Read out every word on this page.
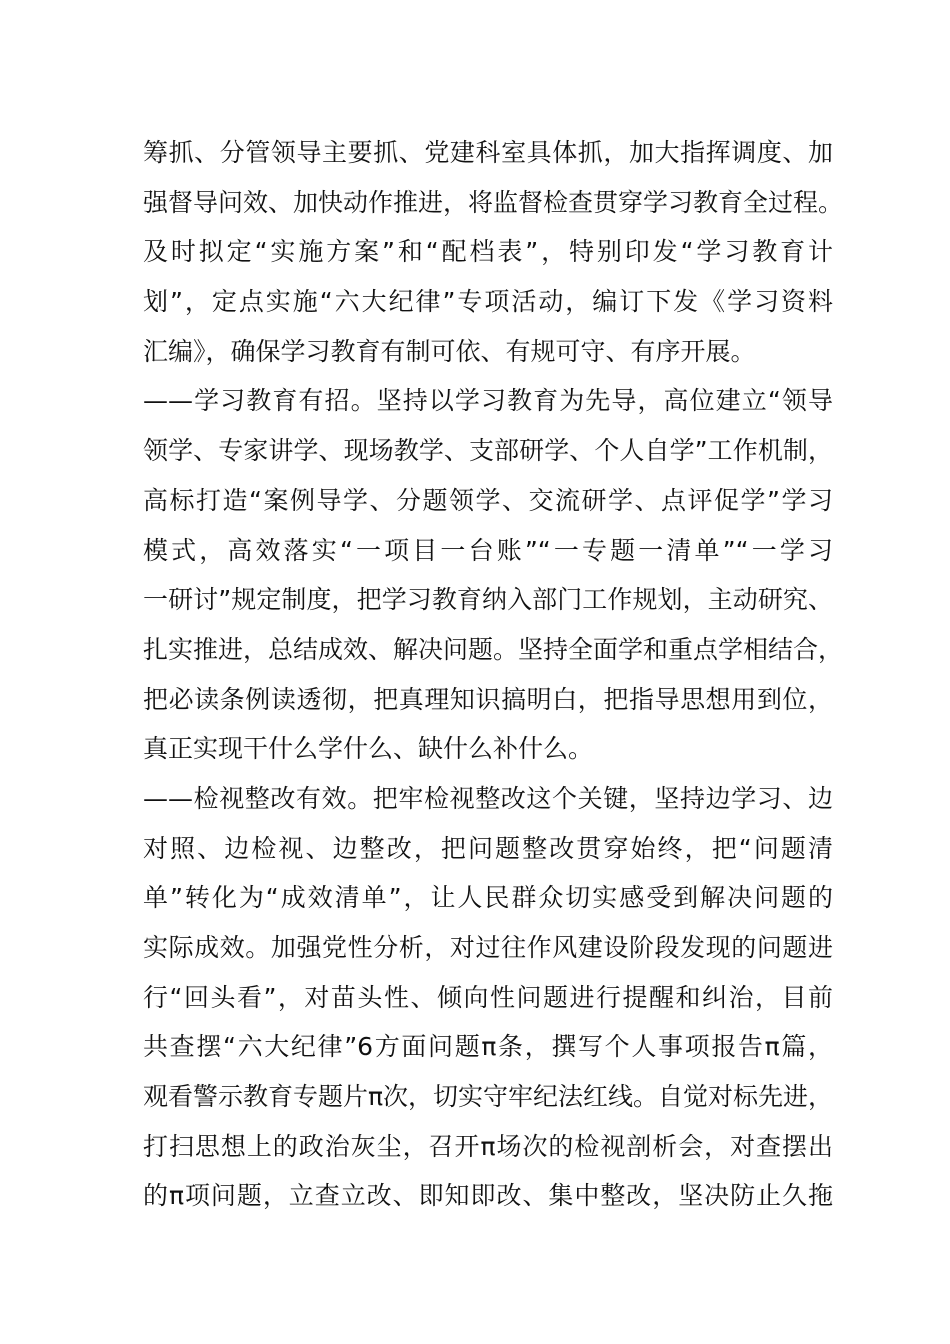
筹抓、分管领导主要抓、党建科室具体抓，加大指挥调度、加
强督导问效、加快动作推进，将监督检查贯穿学习教育全过程。
及时拟定“实施方案”和“配档表”，特别印发“学习教育计
划”，定点实施“六大纪律”专项活动，编订下发《学习资料
汇编》，确保学习教育有制可依、有规可守、有序开展。
——学习教育有招。坚持以学习教育为先导，高位建立“领导
领学、专家讲学、现场教学、支部研学、个人自学”工作机制，
高标打造“案例导学、分题领学、交流研学、点评促学”学习
模式，高效落实“一项目一台账”“一专题一清单”“一学习
一研讨”规定制度，把学习教育纳入部门工作规划，主动研究、
扎实推进，总结成效、解决问题。坚持全面学和重点学相结合，
把必读条例读透彻，把真理知识搞明白，把指导思想用到位，
真正实现干什么学什么、缺什么补什么。
——检视整改有效。把牢检视整改这个关键，坚持边学习、边
对照、边检视、边整改，把问题整改贯穿始终，把“问题清
单”转化为“成效清单”，让人民群众切实感受到解决问题的
实际成效。加强党性分析，对过往作风建设阶段发现的问题进
行“回头看”，对苗头性、倾向性问题进行提醒和纠治，目前
共查摆“六大纪律”6方面问题π条，撰写个人事项报告π篇，
观看警示教育专题片π次，切实守牢纪法红线。自觉对标先进，
打扫思想上的政治灰尘，召开π场次的检视剖析会，对查摆出
的π项问题，立查立改、即知即改、集中整改，坚决防止久拖
